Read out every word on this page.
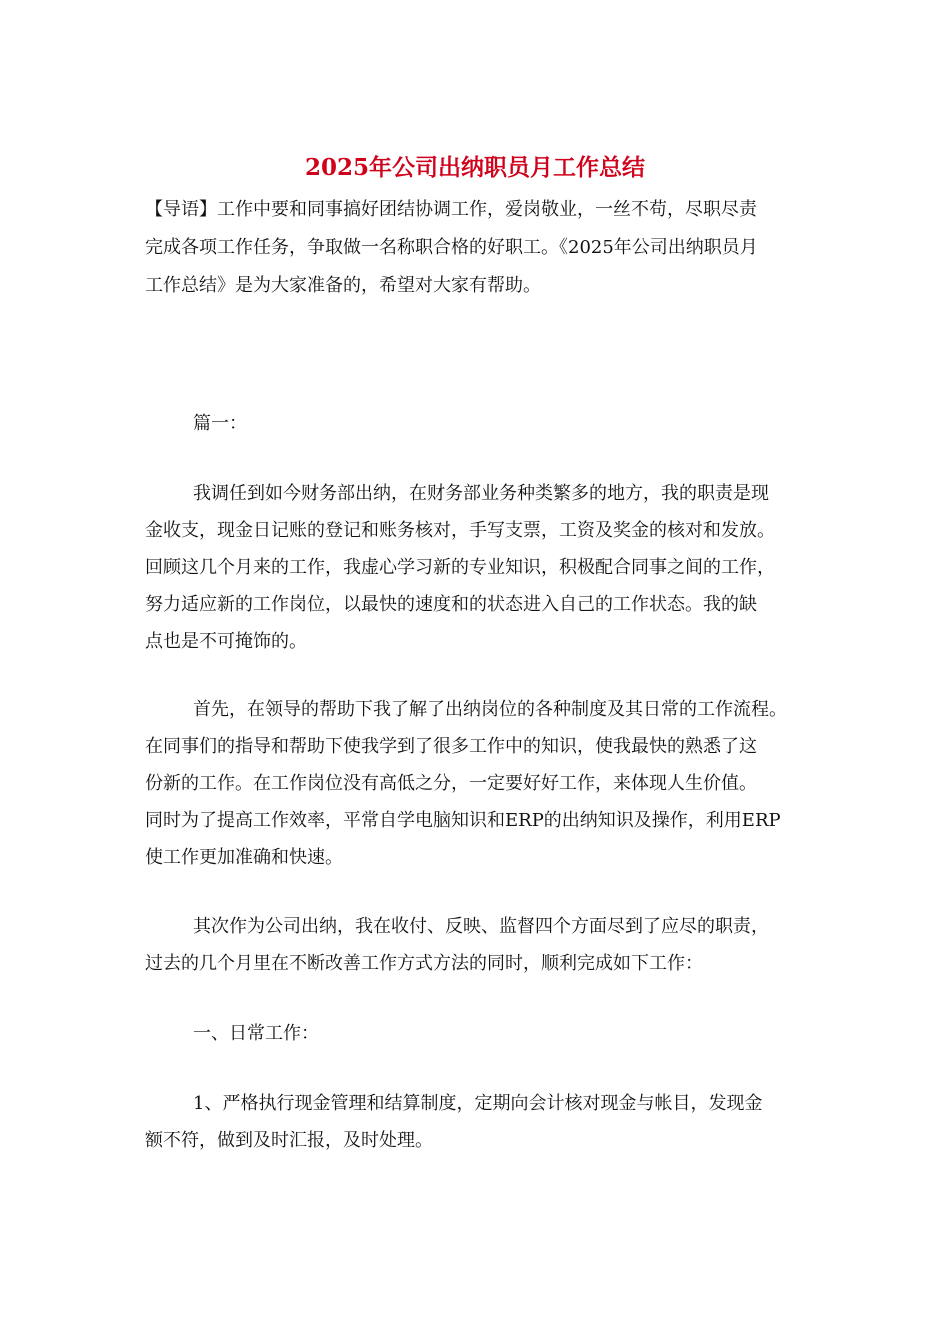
2025年公司出纳职员月工作总结

【导语】工作中要和同事搞好团结协调工作，爱岗敬业，一丝不苟，尽职尽责

完成各项工作任务，争取做一名称职合格的好职工。《2025年公司出纳职员月

工作总结》是为大家准备的，希望对大家有帮助。

篇一：

我调任到如今财务部出纳，在财务部业务种类繁多的地方，我的职责是现

金收支，现金日记账的登记和账务核对，手写支票，工资及奖金的核对和发放。

回顾这几个月来的工作，我虚心学习新的专业知识，积极配合同事之间的工作，

努力适应新的工作岗位，以最快的速度和的状态进入自己的工作状态。我的缺

点也是不可掩饰的。

首先，在领导的帮助下我了解了出纳岗位的各种制度及其日常的工作流程。

在同事们的指导和帮助下使我学到了很多工作中的知识，使我最快的熟悉了这

份新的工作。在工作岗位没有高低之分，一定要好好工作，来体现人生价值。

同时为了提高工作效率，平常自学电脑知识和ERP的出纳知识及操作，利用ERP

使工作更加准确和快速。

其次作为公司出纳，我在收付、反映、监督四个方面尽到了应尽的职责，

过去的几个月里在不断改善工作方式方法的同时，顺利完成如下工作：

一、日常工作：

1、严格执行现金管理和结算制度，定期向会计核对现金与帐目，发现金

额不符，做到及时汇报，及时处理。
